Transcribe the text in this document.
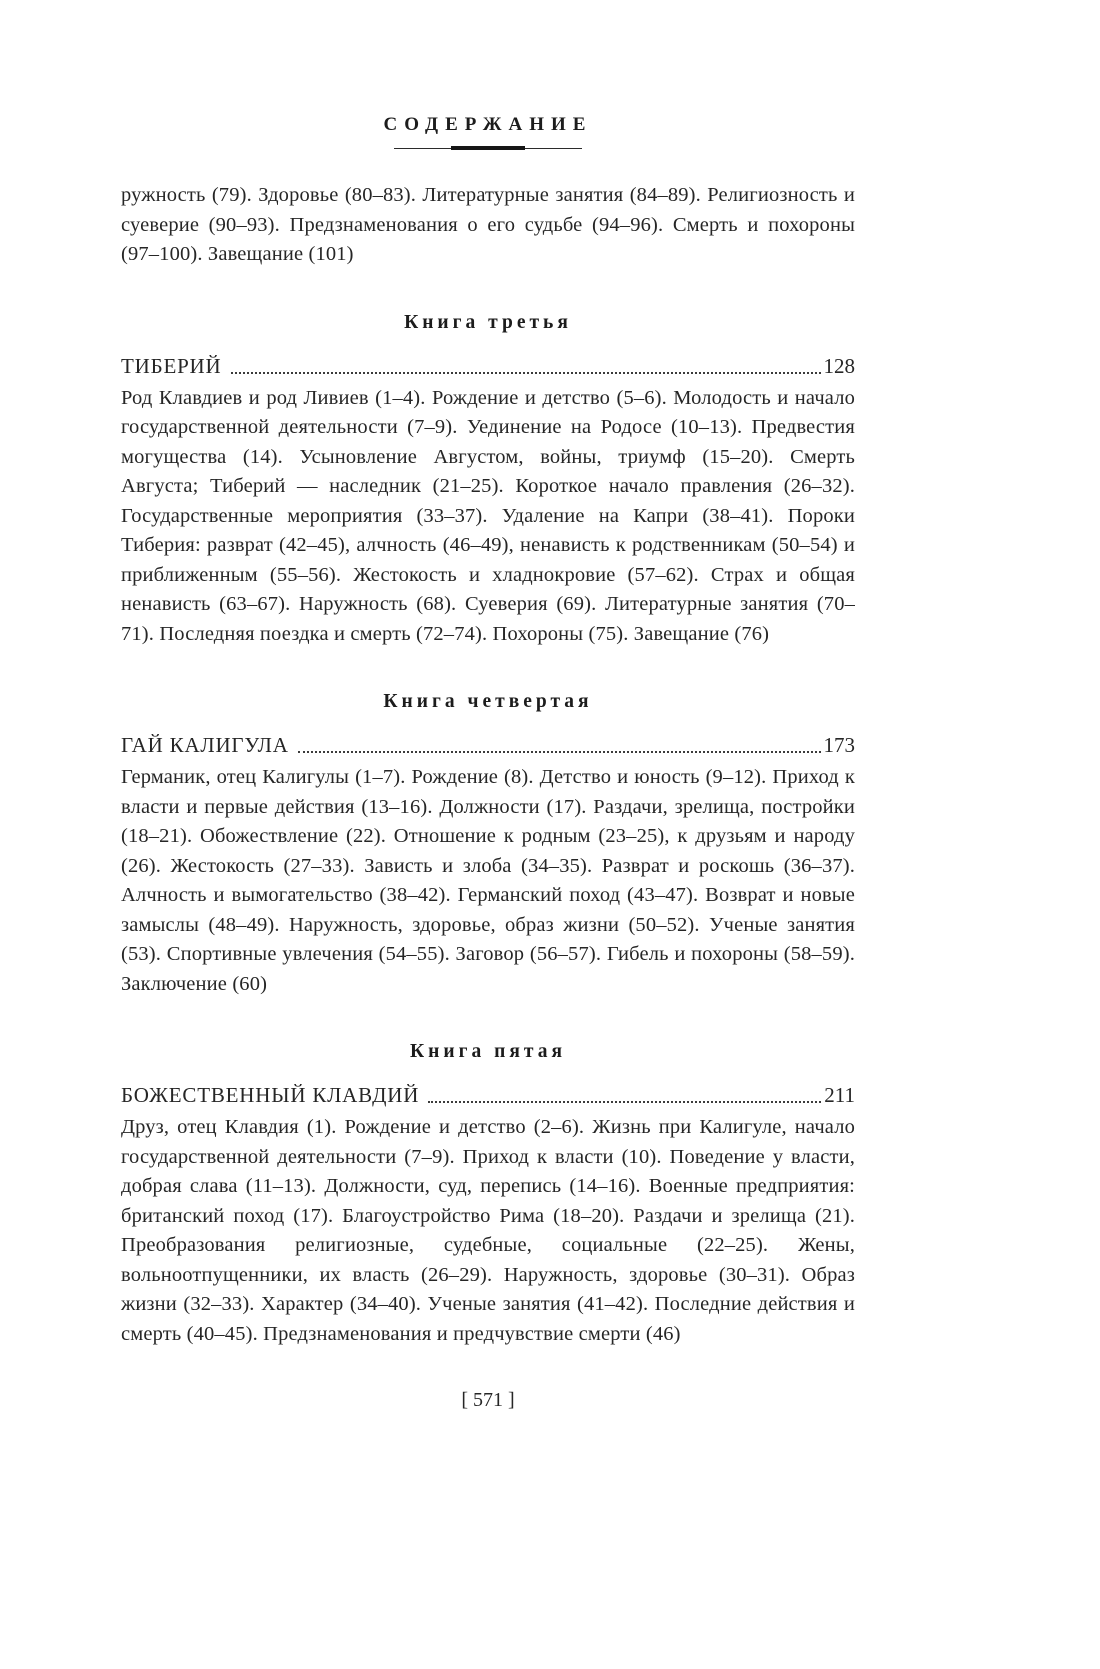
СОДЕРЖАНИЕ

ружность (79). Здоровье (80–83). Литературные занятия (84–89). Религиозность и суеверие (90–93). Предзнаменования о его судьбе (94–96). Смерть и похороны (97–100). Завещание (101)

Книга третья
ТИБЕРИЙ	128

Род Клавдиев и род Ливиев (1–4). Рождение и детство (5–6). Молодость и начало государственной деятельности (7–9). Уединение на Родосе (10–13). Предвестия могущества (14). Усыновление Августом, войны, триумф (15–20). Смерть Августа; Тиберий — наследник (21–25). Короткое начало правления (26–32). Государственные мероприятия (33–37). Удаление на Капри (38–41). Пороки Тиберия: разврат (42–45), алчность (46–49), ненависть к родственникам (50–54) и приближенным (55–56). Жестокость и хладнокровие (57–62). Страх и общая ненависть (63–67). Наружность (68). Суеверия (69). Литературные занятия (70–71). Последняя поездка и смерть (72–74). Похороны (75). Завещание (76)

Книга четвертая
ГАЙ КАЛИГУЛА	173

Германик, отец Калигулы (1–7). Рождение (8). Детство и юность (9–12). Приход к власти и первые действия (13–16). Должности (17). Раздачи, зрелища, постройки (18–21). Обожествление (22). Отношение к родным (23–25), к друзьям и народу (26). Жестокость (27–33). Зависть и злоба (34–35). Разврат и роскошь (36–37). Алчность и вымогательство (38–42). Германский поход (43–47). Возврат и новые замыслы (48–49). Наружность, здоровье, образ жизни (50–52). Ученые занятия (53). Спортивные увлечения (54–55). Заговор (56–57). Гибель и похороны (58–59). Заключение (60)

Книга пятая
БОЖЕСТВЕННЫЙ КЛАВДИЙ	211

Друз, отец Клавдия (1). Рождение и детство (2–6). Жизнь при Калигуле, начало государственной деятельности (7–9). Приход к власти (10). Поведение у власти, добрая слава (11–13). Должности, суд, перепись (14–16). Военные предприятия: британский поход (17). Благоустройство Рима (18–20). Раздачи и зрелища (21). Преобразования религиозные, судебные, социальные (22–25). Жены, вольноотпущенники, их власть (26–29). Наружность, здоровье (30–31). Образ жизни (32–33). Характер (34–40). Ученые занятия (41–42). Последние действия и смерть (40–45). Предзнаменования и предчувствие смерти (46)

[ 571 ]
